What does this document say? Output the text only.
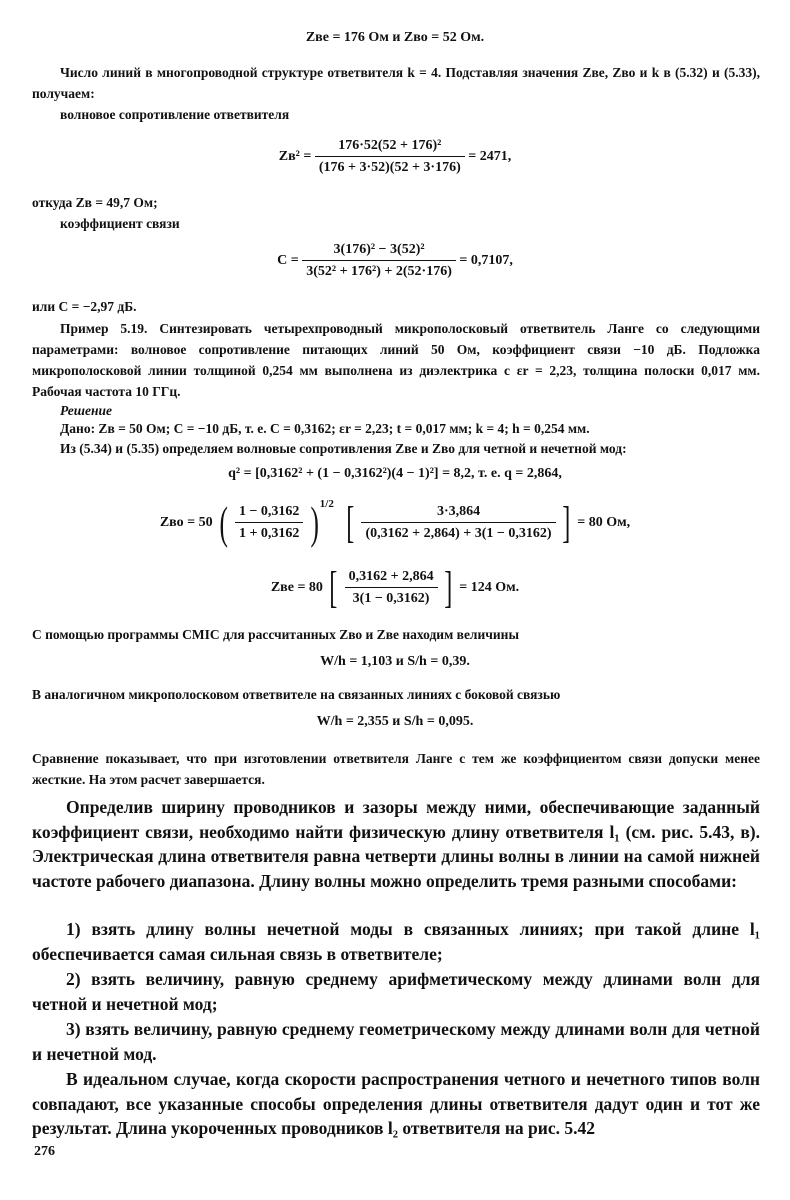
Zве = 176 Ом и Zво = 52 Ом.
Число линий в многопроводной структуре ответвителя k = 4. Подставляя значения Zве, Zво и k в (5.32) и (5.33), получаем:
волновое сопротивление ответвителя
$Zв^2 = \frac{\text{176·52(52 + 176)²}}{(176 + 3\cdot 52)(52 + 3\cdot 176)} = 2471$,
откуда Zв = 49,7 Ом;
коэффициент связи
$C = \frac{\text{3(176)² − 3(52)²}}{\text{3(52² + 176²) + 2(52·176)}} = 0,7107$,
или C = −2,97 дБ.
Пример 5.19. Синтезировать четырехпроводный микрополосковый ответвитель Ланге со следующими параметрами: волновое сопротивление питающих линий 50 Ом, коэффициент связи −10 дБ. Подложка микрополосковой линии толщиной 0,254 мм выполнена из диэлектрика с εr = 2,23, толщина полоски 0,017 мм. Рабочая частота 10 ГГц.
Решение
Дано: Zв = 50 Ом; C = −10 дБ, т. е. C = 0,3162; εr = 2,23; t = 0,017 мм; k = 4; h = 0,254 мм.
Из (5.34) и (5.35) определяем волновые сопротивления Zве и Zво для четной и нечетной мод:
q² = [0,3162² + (1 − 0,3162²)(4 − 1)²] = 8,2, т. е. q = 2,864,
Zво = 50 ( $\frac{1 - 0,3162}{1 + 0,3162}$ ) $^{1/2}$ [ $\frac{3\cdot 3,864}{(0,3162 + 2,864) + 3(1 - 0,3162)}$ ] = 80 Ом,
Zве = 80 [ $\frac{0,3162 + 2,864}{3(1 - 0,3162)}$ ] = 124 Ом.
С помощью программы CMIC для рассчитанных Zво и Zве находим величины
W/h = 1,103 и S/h = 0,39.
В аналогичном микрополосковом ответвителе на связанных линиях с боковой связью
W/h = 2,355 и S/h = 0,095.
Сравнение показывает, что при изготовлении ответвителя Ланге с тем же коэффициентом связи допуски менее жесткие. На этом расчет завершается.
Определив ширину проводников и зазоры между ними, обеспечивающие заданный коэффициент связи, необходимо найти физическую длину ответвителя l₁ (см. рис. 5.43, в). Электрическая длина ответвителя равна четверти длины волны в линии на самой нижней частоте рабочего диапазона. Длину волны можно определить тремя разными способами:
1) взять длину волны нечетной моды в связанных линиях; при такой длине l₁ обеспечивается самая сильная связь в ответвителе;
2) взять величину, равную среднему арифметическому между длинами волн для четной и нечетной мод;
3) взять величину, равную среднему геометрическому между длинами волн для четной и нечетной мод.
В идеальном случае, когда скорости распространения четного и нечетного типов волн совпадают, все указанные способы определения длины ответвителя дадут один и тот же результат. Длина укороченных проводников l₂ ответвителя на рис. 5.42
276
